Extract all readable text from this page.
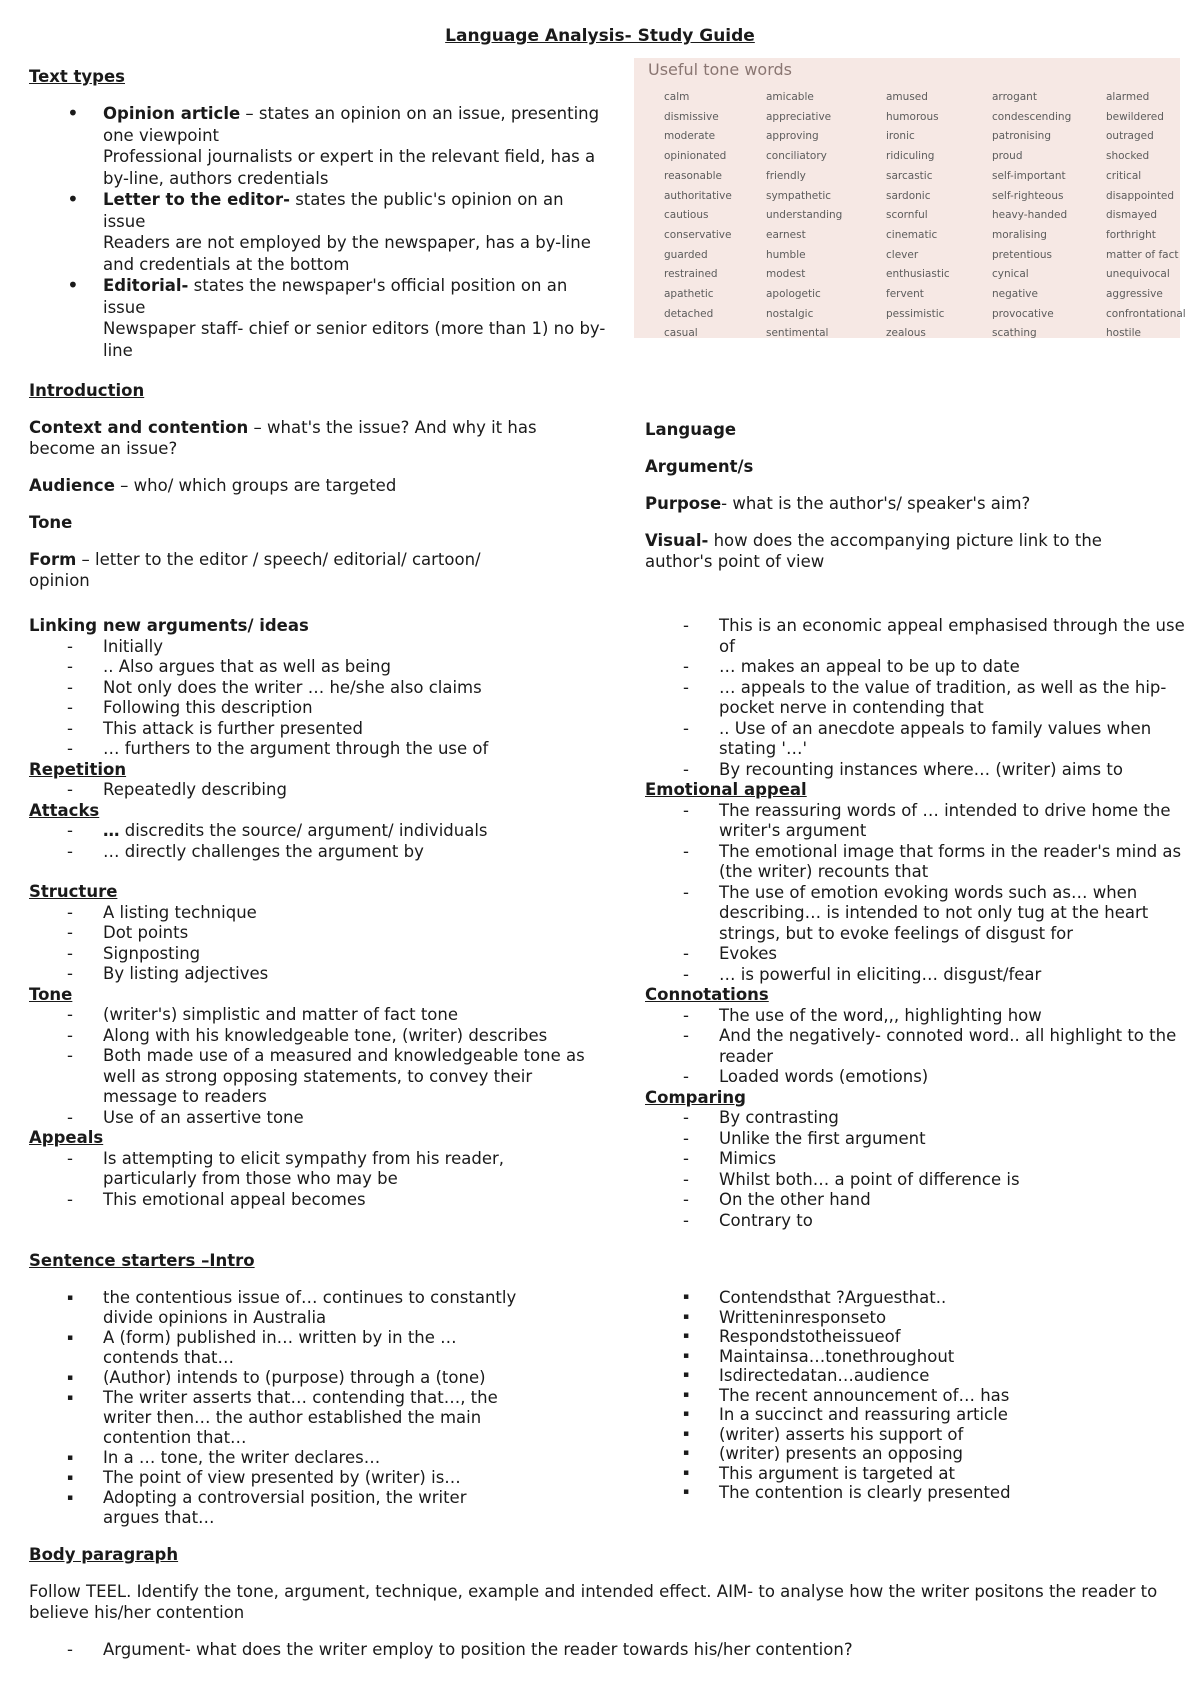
Language Analysis- Study Guide

Text types

•	Opinion article – states an opinion on an issue, presenting one viewpoint
Professional journalists or expert in the relevant field, has a by-line, authors credentials
•	Letter to the editor- states the public's opinion on an issue
Readers are not employed by the newspaper, has a by-line and credentials at the bottom
•	Editorial- states the newspaper's official position on an issue
Newspaper staff- chief or senior editors (more than 1) no by-line
Useful tone words
calm	amicable	amused	arrogant	alarmed
dismissive	appreciative	humorous	condescending	bewildered
moderate	approving	ironic	patronising	outraged
opinionated	conciliatory	ridiculing	proud	shocked
reasonable	friendly	sarcastic	self-important	critical
authoritative	sympathetic	sardonic	self-righteous	disappointed
cautious	understanding	scornful	heavy-handed	dismayed
conservative	earnest	cinematic	moralising	forthright
guarded	humble	clever	pretentious	matter of fact
restrained	modest	enthusiastic	cynical	unequivocal
apathetic	apologetic	fervent	negative	aggressive
detached	nostalgic	pessimistic	provocative	confrontational
casual	sentimental	zealous	scathing	hostile

Introduction

Context and contention – what's the issue? And why it has become an issue?

Audience – who/ which groups are targeted

Tone

Form – letter to the editor / speech/ editorial/ cartoon/ opinion

Language

Argument/s

Purpose- what is the author's/ speaker's aim?

Visual- how does the accompanying picture link to the author's point of view

Linking new arguments/ ideas

-	Initially
-	.. Also argues that as well as being
-	Not only does the writer … he/she also claims
-	Following this description
-	This attack is further presented
-	… furthers to the argument through the use of

Repetition

-	Repeatedly describing

Attacks

-	… discredits the source/ argument/ individuals
-	… directly challenges the argument by

Structure

-	A listing technique
-	Dot points
-	Signposting
-	By listing adjectives

Tone

-	(writer's) simplistic and matter of fact tone
-	Along with his knowledgeable tone, (writer) describes
-	Both made use of a measured and knowledgeable tone as well as strong opposing statements, to convey their message to readers
-	Use of an assertive tone

Appeals

-	Is attempting to elicit sympathy from his reader, particularly from those who may be
-	This emotional appeal becomes
-	This is an economic appeal emphasised through the use of
-	… makes an appeal to be up to date
-	… appeals to the value of tradition, as well as the hip-pocket nerve in contending that
-	.. Use of an anecdote appeals to family values when stating '…'
-	By recounting instances where… (writer) aims to

Emotional appeal

-	The reassuring words of … intended to drive home the writer's argument
-	The emotional image that forms in the reader's mind as (the writer) recounts that
-	The use of emotion evoking words such as… when describing… is intended to not only tug at the heart strings, but to evoke feelings of disgust for
-	Evokes
-	… is powerful in eliciting… disgust/fear

Connotations

-	The use of the word,,, highlighting how
-	And the negatively- connoted word.. all highlight to the reader
-	Loaded words (emotions)

Comparing

-	By contrasting
-	Unlike the first argument
-	Mimics
-	Whilst both… a point of difference is
-	On the other hand
-	Contrary to

Sentence starters –Intro

▪	the contentious issue of… continues to constantly divide opinions in Australia
▪	A (form) published in… written by in the … contends that…
▪	(Author) intends to (purpose) through a (tone)
▪	The writer asserts that… contending that…, the writer then… the author established the main contention that…
▪	In a … tone, the writer declares…
▪	The point of view presented by (writer) is…
▪	Adopting a controversial position, the writer argues that…
▪	Contendsthat ?Arguesthat..
▪	Writteninresponseto
▪	Respondstotheissueof
▪	Maintainsa…tonethroughout
▪	Isdirectedatan…audience
▪	The recent announcement of… has
▪	In a succinct and reassuring article
▪	(writer) asserts his support of
▪	(writer) presents an opposing
▪	This argument is targeted at
▪	The contention is clearly presented

Body paragraph

Follow TEEL. Identify the tone, argument, technique, example and intended effect. AIM- to analyse how the writer positons the reader to believe his/her contention

-	Argument- what does the writer employ to position the reader towards his/her contention?
